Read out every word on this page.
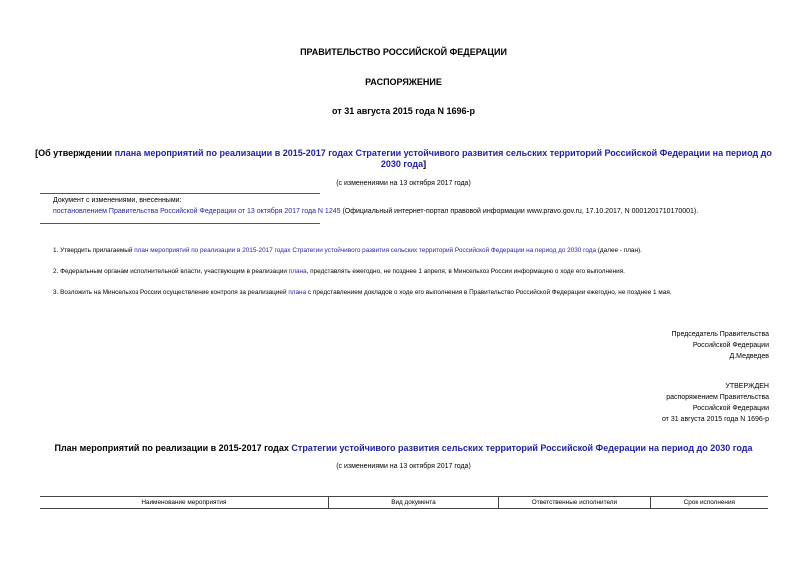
ПРАВИТЕЛЬСТВО РОССИЙСКОЙ ФЕДЕРАЦИИ
РАСПОРЯЖЕНИЕ
от 31 августа 2015 года N 1696-р
[Об утверждении плана мероприятий по реализации в 2015-2017 годах Стратегии устойчивого развития сельских территорий Российской Федерации на период до 2030 года]
(с изменениями на 13 октября 2017 года)
Документ с изменениями, внесенными:
постановлением Правительства Российской Федерации от 13 октября 2017 года N 1245 (Официальный интернет-портал правовой информации www.pravo.gov.ru, 17.10.2017, N 0001201710170001).
1. Утвердить прилагаемый план мероприятий по реализации в 2015-2017 годах Стратегии устойчивого развития сельских территорий Российской Федерации на период до 2030 года (далее - план).
2. Федеральным органам исполнительной власти, участвующим в реализации плана, представлять ежегодно, не позднее 1 апреля, в Минсельхоз России информацию о ходе его выполнения.
3. Возложить на Минсельхоз России осуществление контроля за реализацией плана с представлением докладов о ходе его выполнения в Правительство Российской Федерации ежегодно, не позднее 1 мая.
Председатель Правительства
Российской Федерации
Д.Медведев
УТВЕРЖДЕН
распоряжением Правительства
Российской Федерации
от 31 августа 2015 года N 1696-р
План мероприятий по реализации в 2015-2017 годах Стратегии устойчивого развития сельских территорий Российской Федерации на период до 2030 года
(с изменениями на 13 октября 2017 года)
Наименование мероприятия	Вид документа	Ответственные исполнители	Срок исполнения
